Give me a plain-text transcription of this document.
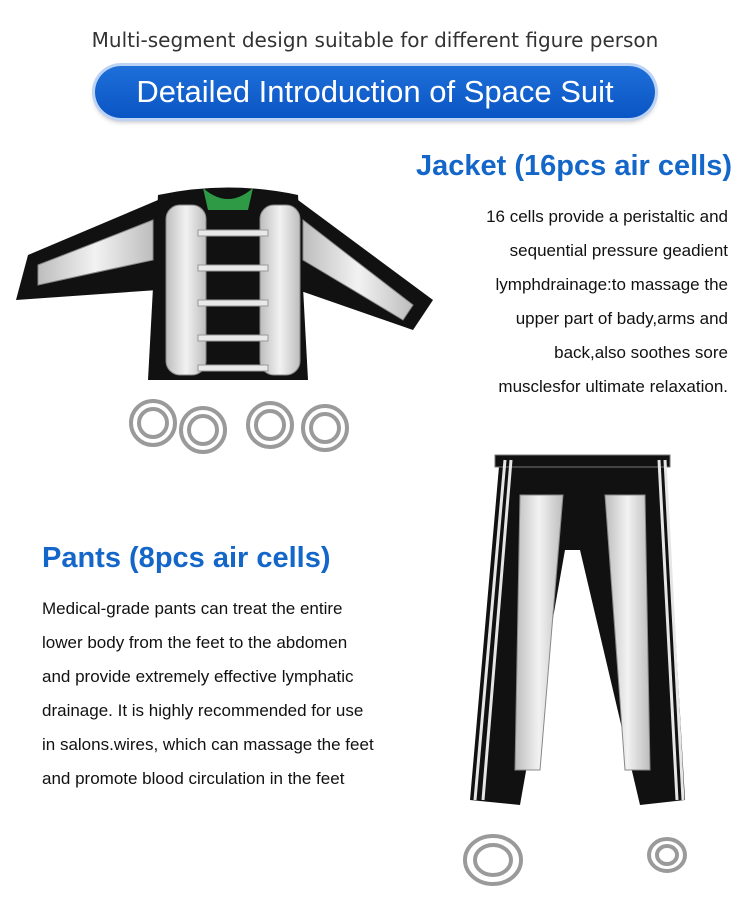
Multi-segment design suitable for different figure person
Detailed Introduction of Space Suit
Jacket (16pcs air cells)

16 cells provide a peristaltic and
sequential pressure geadient
lymphdrainage:to massage the
upper part of bady,arms and
back,also soothes sore
musclesfor ultimate relaxation.

Pants (8pcs air cells)

Medical-grade pants can treat the entire
lower body from the feet to the abdomen
and provide extremely effective lymphatic
drainage. It is highly recommended for use
in salons.wires, which can massage the feet
and promote blood circulation in the feet
